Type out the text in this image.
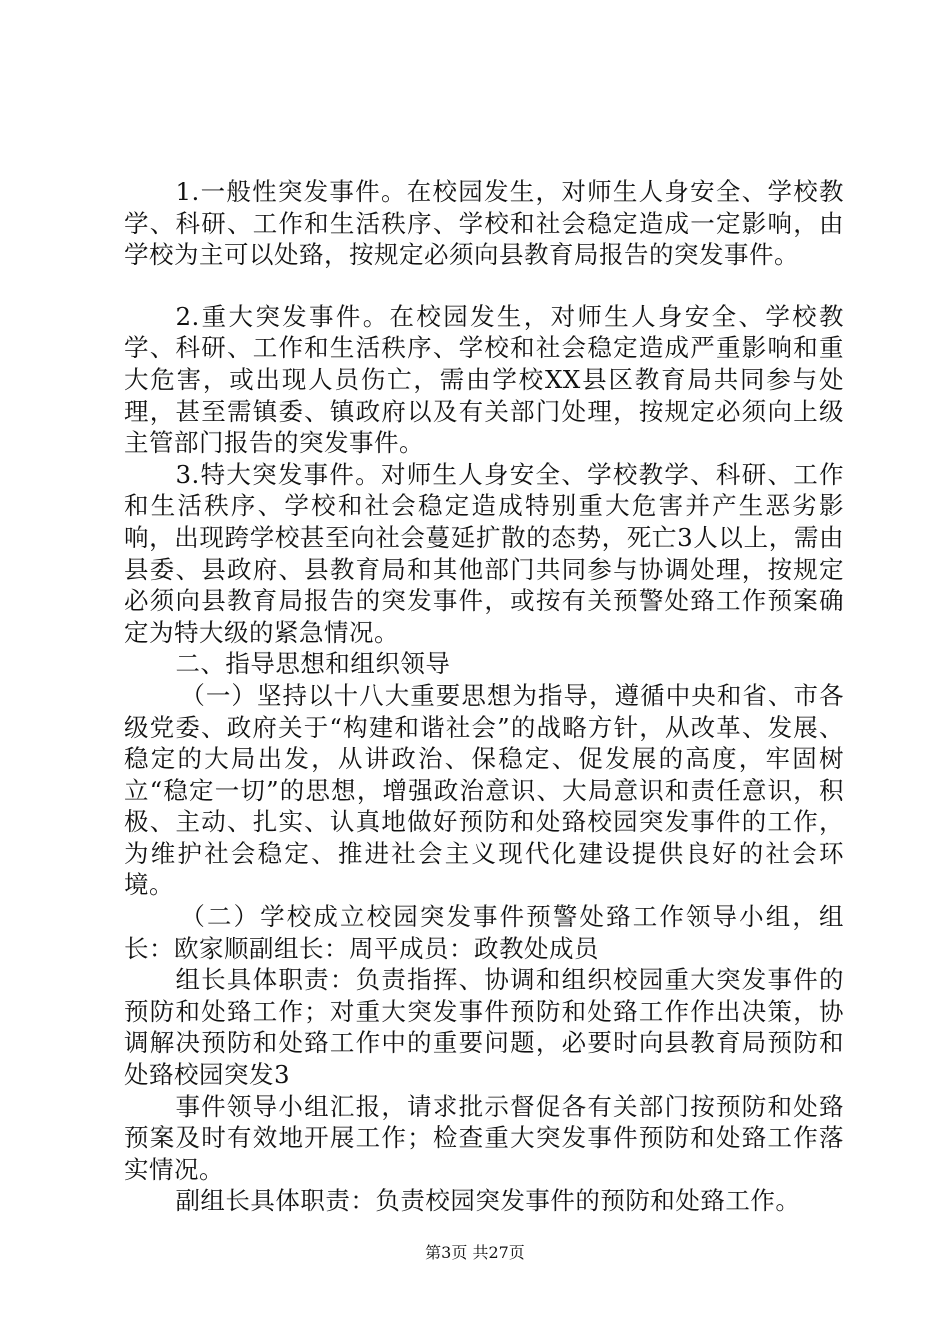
1.一般性突发事件。在校园发生，对师生人身安全、学校教学、科研、工作和生活秩序、学校和社会稳定造成一定影响，由学校为主可以处臵，按规定必须向县教育局报告的突发事件。

2.重大突发事件。在校园发生，对师生人身安全、学校教学、科研、工作和生活秩序、学校和社会稳定造成严重影响和重大危害，或出现人员伤亡，需由学校XX县区教育局共同参与处理，甚至需镇委、镇政府以及有关部门处理，按规定必须向上级主管部门报告的突发事件。

3.特大突发事件。对师生人身安全、学校教学、科研、工作和生活秩序、学校和社会稳定造成特别重大危害并产生恶劣影响，出现跨学校甚至向社会蔓延扩散的态势，死亡3人以上，需由县委、县政府、县教育局和其他部门共同参与协调处理，按规定必须向县教育局报告的突发事件，或按有关预警处臵工作预案确定为特大级的紧急情况。

二、指导思想和组织领导

（一）坚持以十八大重要思想为指导，遵循中央和省、市各级党委、政府关于“构建和谐社会”的战略方针，从改革、发展、稳定的大局出发，从讲政治、保稳定、促发展的高度，牢固树立“稳定一切”的思想，增强政治意识、大局意识和责任意识，积极、主动、扎实、认真地做好预防和处臵校园突发事件的工作，为维护社会稳定、推进社会主义现代化建设提供良好的社会环境。

（二）学校成立校园突发事件预警处臵工作领导小组，组长：欧家顺副组长：周平成员：政教处成员

组长具体职责：负责指挥、协调和组织校园重大突发事件的预防和处臵工作；对重大突发事件预防和处臵工作作出决策，协调解决预防和处臵工作中的重要问题，必要时向县教育局预防和处臵校园突发3

事件领导小组汇报，请求批示督促各有关部门按预防和处臵预案及时有效地开展工作；检查重大突发事件预防和处臵工作落实情况。

副组长具体职责：负责校园突发事件的预防和处臵工作。

第3页 共27页
